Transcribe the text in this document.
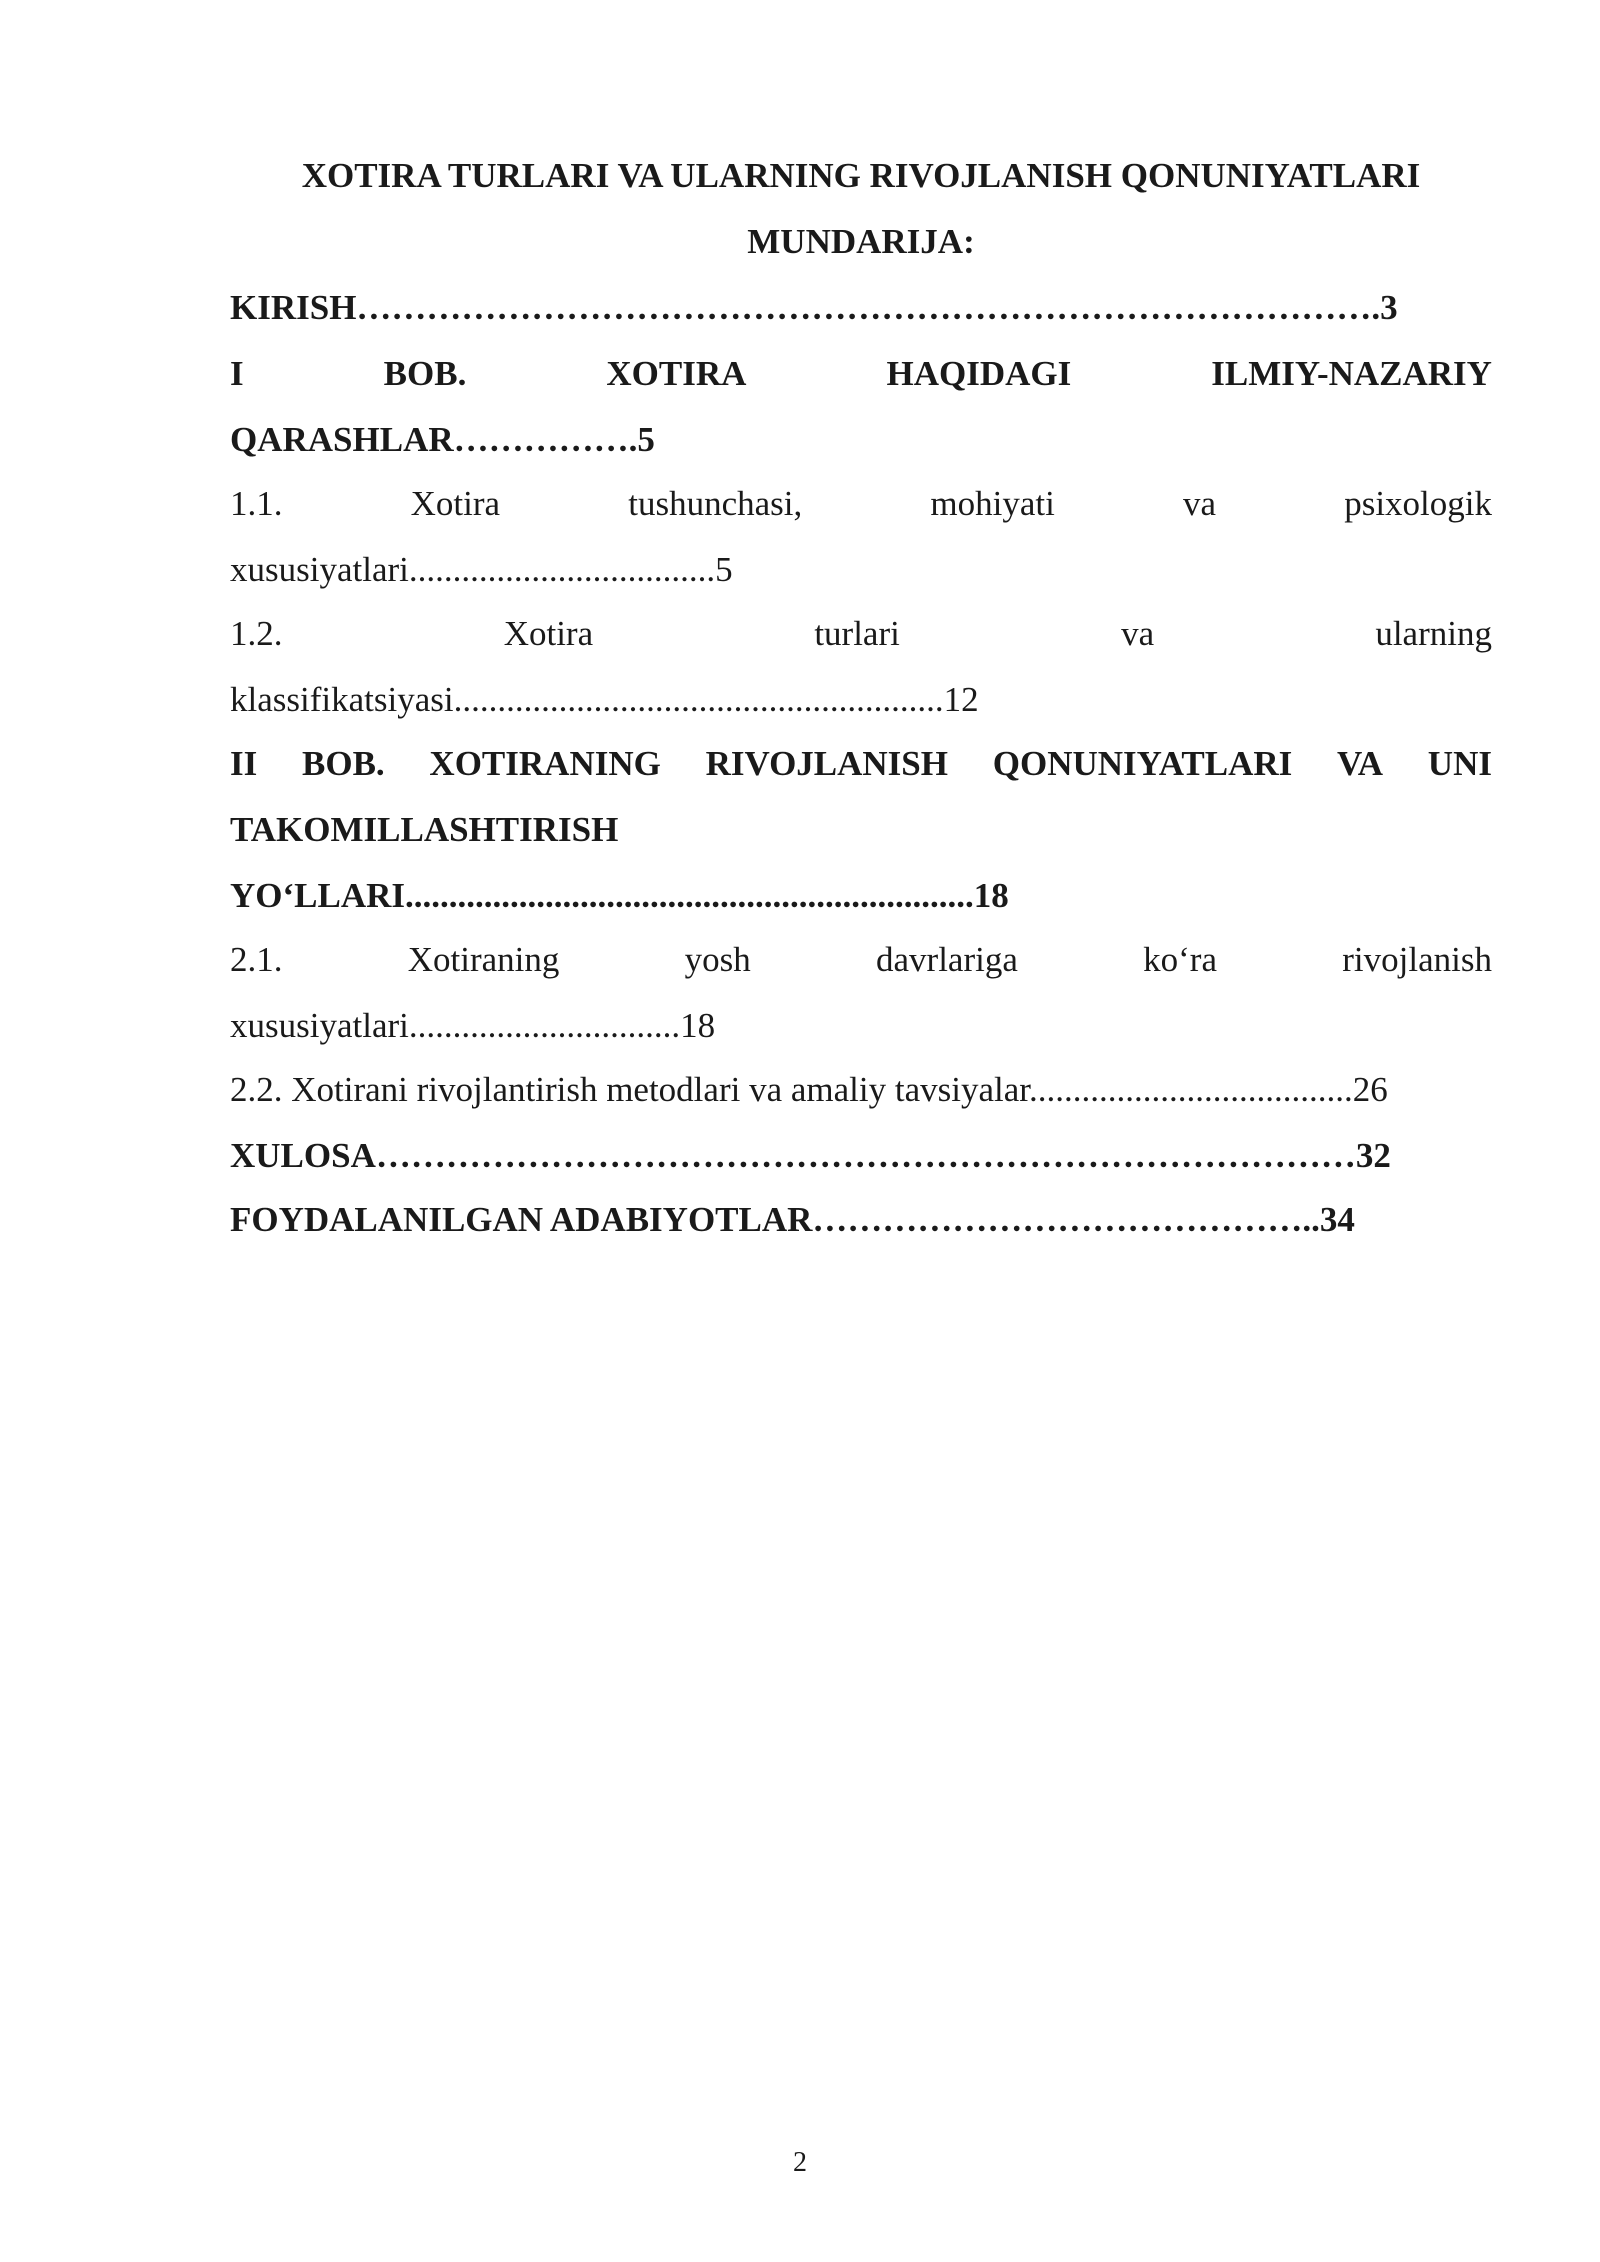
XOTIRA TURLARI VA ULARNING RIVOJLANISH QONUNIYATLARI
MUNDARIJA:
KIRISH…………………………………………………………………………….3
I	BOB.	XOTIRA	HAQIDAGI	ILMIY-NAZARIY
QARASHLAR…………….5
1.1.	Xotira	tushunchasi,	mohiyati	va	psixologik
xususiyatlari...................................5
1.2.	Xotira	turlari	va	ularning
klassifikatsiyasi........................................................12
II BOB. XOTIRANING RIVOJLANISH QONUNIYATLARI VA UNI
TAKOMILLASHTIRISH
YO‘LLARI.................................................................18
2.1.	Xotiraning	yosh	davrlariga	ko‘ra	rivojlanish
xususiyatlari...............................18
2.2. Xotirani rivojlantirish metodlari va amaliy tavsiyalar.....................................26
XULOSA…………………………………………………………………………32
FOYDALANILGAN ADABIYOTLAR……………………………………..34
2
